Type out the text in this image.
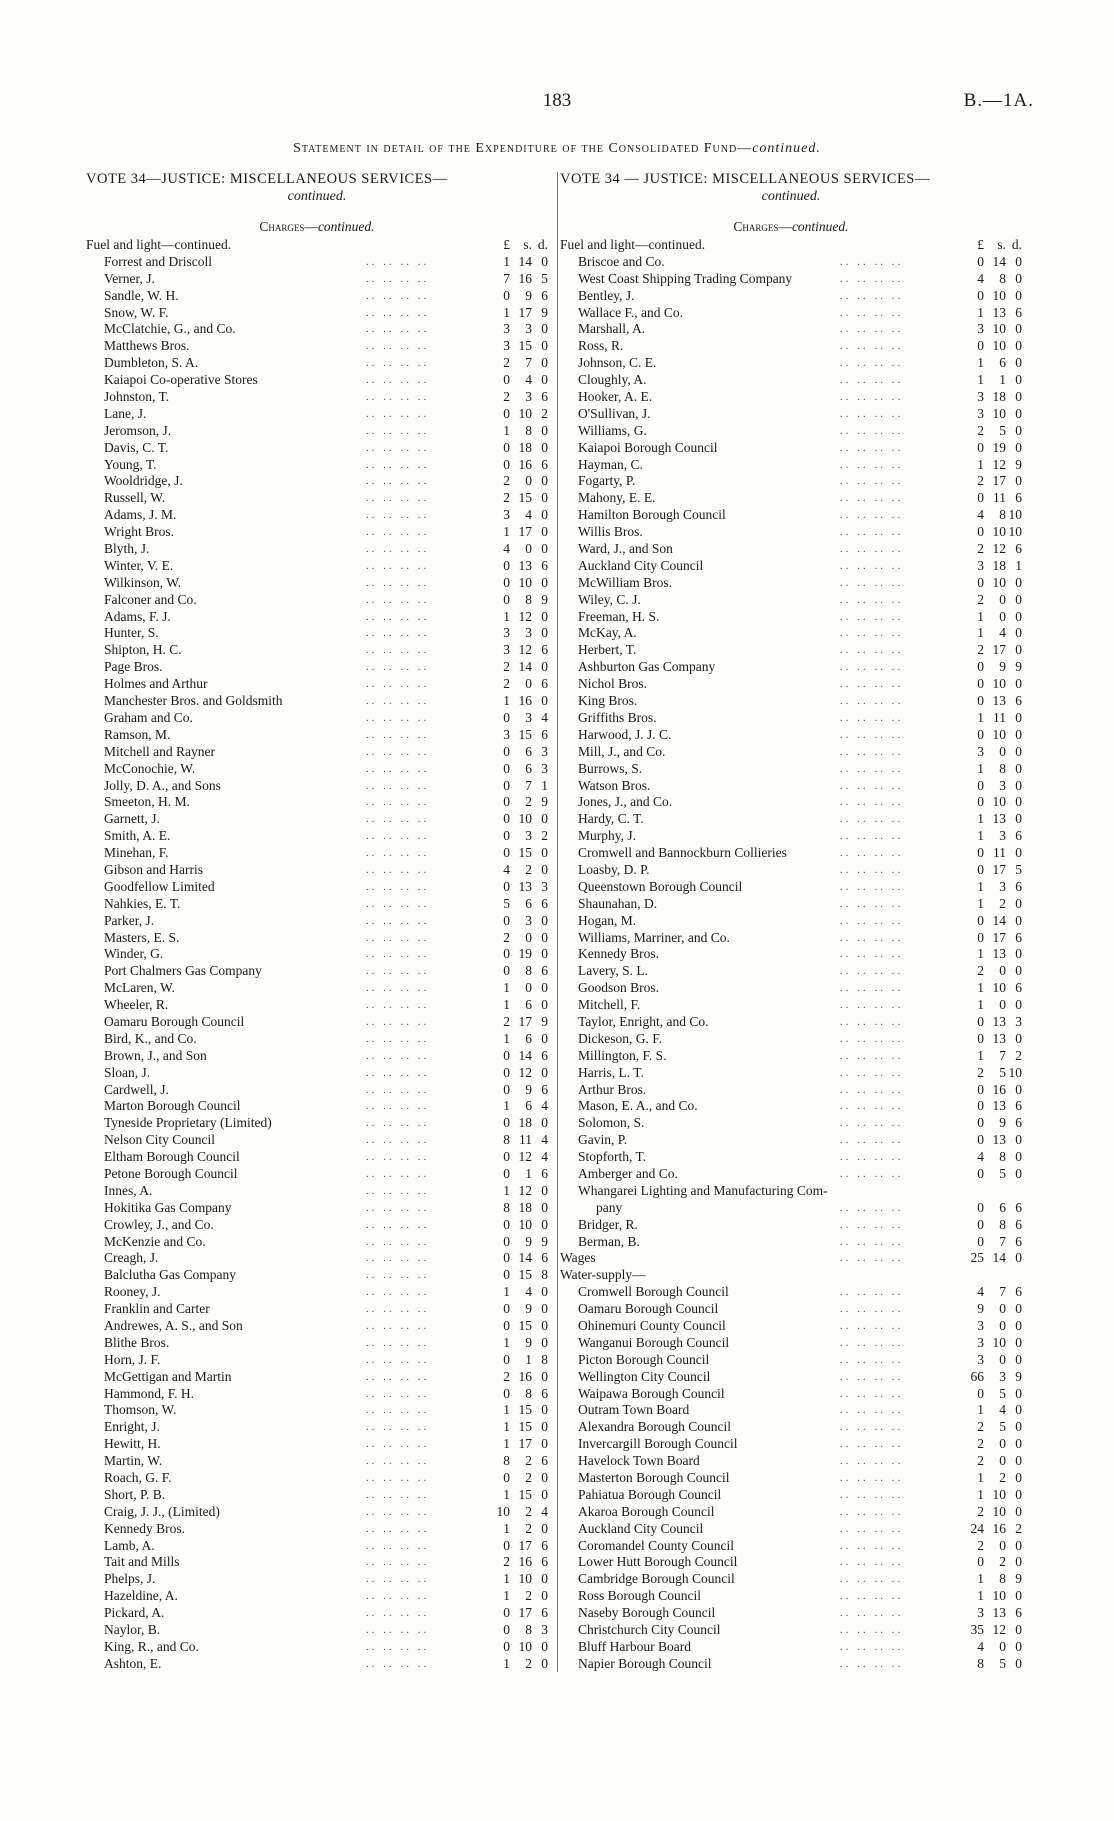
183	B.—1A.
Statement in detail of the Expenditure of the Consolidated Fund—continued.
VOTE 34—JUSTICE: MISCELLANEOUS SERVICES—
continued.
Charges—continued.
Fuel and light—continued.	£ s. d.
Forrest and Driscoll	.. .. .. ..	1 14 0
Verner, J.	.. .. .. ..	7 16 5
Sandle, W. H.	.. .. .. ..	0	9 6
Snow, W. F.	.. .. .. ..	1 17 9
McClatchie, G., and Co.	.. .. .. ..	3	3 0
Matthews Bros.	.. .. .. ..	3 15 0
Dumbleton, S. A.	.. .. .. ..	2	7 0
Kaiapoi Co-operative Stores	.. .. .. ..	0	4 0
Johnston, T.	.. .. .. ..	2	3 6
Lane, J.	.. .. .. ..	0 10 2
Jeromson, J.	.. .. .. ..	1	8 0
Davis, C. T.	.. .. .. ..	0 18 0
Young, T.	.. .. .. ..	0 16 6
Wooldridge, J.	.. .. .. ..	2	0 0
Russell, W.	.. .. .. ..	2 15 0
Adams, J. M.	.. .. .. ..	3	4 0
Wright Bros.	.. .. .. ..	1 17 0
Blyth, J.	.. .. .. ..	4	0 0
Winter, V. E.	.. .. .. ..	0 13 6
Wilkinson, W.	.. .. .. ..	0 10 0
Falconer and Co.	.. .. .. ..	0	8 9
Adams, F. J.	.. .. .. ..	1 12 0
Hunter, S.	.. .. .. ..	3	3 0
Shipton, H. C.	.. .. .. ..	3 12 6
Page Bros.	.. .. .. ..	2 14 0
Holmes and Arthur	.. .. .. ..	2	0 6
Manchester Bros. and Goldsmith	.. .. .. ..	1 16 0
Graham and Co.	.. .. .. ..	0	3 4
Ramson, M.	.. .. .. ..	3 15 6
Mitchell and Rayner	.. .. .. ..	0	6 3
McConochie, W.	.. .. .. ..	0	6 3
Jolly, D. A., and Sons	.. .. .. ..	0	7 1
Smeeton, H. M.	.. .. .. ..	0	2 9
Garnett, J.	.. .. .. ..	0 10 0
Smith, A. E.	.. .. .. ..	0	3 2
Minehan, F.	.. .. .. ..	0 15 0
Gibson and Harris	.. .. .. ..	4	2 0
Goodfellow Limited	.. .. .. ..	0 13 3
Nahkies, E. T.	.. .. .. ..	5	6 6
Parker, J.	.. .. .. ..	0	3 0
Masters, E. S.	.. .. .. ..	2	0 0
Winder, G.	.. .. .. ..	0 19 0
Port Chalmers Gas Company	.. .. .. ..	0	8 6
McLaren, W.	.. .. .. ..	1	0 0
Wheeler, R.	.. .. .. ..	1	6 0
Oamaru Borough Council	.. .. .. ..	2 17 9
Bird, K., and Co.	.. .. .. ..	1	6 0
Brown, J., and Son	.. .. .. ..	0 14 6
Sloan, J.	.. .. .. ..	0 12 0
Cardwell, J.	.. .. .. ..	0	9 6
Marton Borough Council	.. .. .. ..	1	6 4
Tyneside Proprietary (Limited)	.. .. .. ..	0 18 0
Nelson City Council	.. .. .. ..	8 11 4
Eltham Borough Council	.. .. .. ..	0 12 4
Petone Borough Council	.. .. .. ..	0	1 6
Innes, A.	.. .. .. ..	1 12 0
Hokitika Gas Company	.. .. .. ..	8 18 0
Crowley, J., and Co.	.. .. .. ..	0 10 0
McKenzie and Co.	.. .. .. ..	0	9 9
Creagh, J.	.. .. .. ..	0 14 6
Balclutha Gas Company	.. .. .. ..	0 15 8
Rooney, J.	.. .. .. ..	1	4 0
Franklin and Carter	.. .. .. ..	0	9 0
Andrewes, A. S., and Son	.. .. .. ..	0 15 0
Blithe Bros.	.. .. .. ..	1	9 0
Horn, J. F.	.. .. .. ..	0	1 8
McGettigan and Martin	.. .. .. ..	2 16 0
Hammond, F. H.	.. .. .. ..	0	8 6
Thomson, W.	.. .. .. ..	1 15 0
Enright, J.	.. .. .. ..	1 15 0
Hewitt, H.	.. .. .. ..	1 17 0
Martin, W.	.. .. .. ..	8	2 6
Roach, G. F.	.. .. .. ..	0	2 0
Short, P. B.	.. .. .. ..	1 15 0
Craig, J. J., (Limited)	.. .. .. ..	10	2 4
Kennedy Bros.	.. .. .. ..	1	2 0
Lamb, A.	.. .. .. ..	0 17 6
Tait and Mills	.. .. .. ..	2 16 6
Phelps, J.	.. .. .. ..	1 10 0
Hazeldine, A.	.. .. .. ..	1	2 0
Pickard, A.	.. .. .. ..	0 17 6
Naylor, B.	.. .. .. ..	0	8 3
King, R., and Co.	.. .. .. ..	0 10 0
Ashton, E.	.. .. .. ..	1	2 0
VOTE 34 — JUSTICE: MISCELLANEOUS SERVICES—
continued.
Charges—continued.
Fuel and light—continued.	£ s. d.
Briscoe and Co.	.. .. .. ..	0 14 0
West Coast Shipping Trading Company	.. .. .. ..	4	8 0
Bentley, J.	.. .. .. ..	0 10 0
Wallace F., and Co.	.. .. .. ..	1 13 6
Marshall, A.	.. .. .. ..	3 10 0
Ross, R.	.. .. .. ..	0 10 0
Johnson, C. E.	.. .. .. ..	1	6 0
Cloughly, A.	.. .. .. ..	1	1 0
Hooker, A. E.	.. .. .. ..	3 18 0
O'Sullivan, J.	.. .. .. ..	3 10 0
Williams, G.	.. .. .. ..	2	5 0
Kaiapoi Borough Council	.. .. .. ..	0 19 0
Hayman, C.	.. .. .. ..	1 12 9
Fogarty, P.	.. .. .. ..	2 17 0
Mahony, E. E.	.. .. .. ..	0 11 6
Hamilton Borough Council	.. .. .. ..	4	8 10
Willis Bros.	.. .. .. ..	0 10 10
Ward, J., and Son	.. .. .. ..	2 12 6
Auckland City Council	.. .. .. ..	3 18 1
McWilliam Bros.	.. .. .. ..	0 10 0
Wiley, C. J.	.. .. .. ..	2	0 0
Freeman, H. S.	.. .. .. ..	1	0 0
McKay, A.	.. .. .. ..	1	4 0
Herbert, T.	.. .. .. ..	2 17 0
Ashburton Gas Company	.. .. .. ..	0	9 9
Nichol Bros.	.. .. .. ..	0 10 0
King Bros.	.. .. .. ..	0 13 6
Griffiths Bros.	.. .. .. ..	1 11 0
Harwood, J. J. C.	.. .. .. ..	0 10 0
Mill, J., and Co.	.. .. .. ..	3	0 0
Burrows, S.	.. .. .. ..	1	8 0
Watson Bros.	.. .. .. ..	0	3 0
Jones, J., and Co.	.. .. .. ..	0 10 0
Hardy, C. T.	.. .. .. ..	1 13 0
Murphy, J.	.. .. .. ..	1	3 6
Cromwell and Bannockburn Collieries	.. .. .. ..	0 11 0
Loasby, D. P.	.. .. .. ..	0 17 5
Queenstown Borough Council	.. .. .. ..	1	3 6
Shaunahan, D.	.. .. .. ..	1	2 0
Hogan, M.	.. .. .. ..	0 14 0
Williams, Marriner, and Co.	.. .. .. ..	0 17 6
Kennedy Bros.	.. .. .. ..	1 13 0
Lavery, S. L.	.. .. .. ..	2	0 0
Goodson Bros.	.. .. .. ..	1 10 6
Mitchell, F.	.. .. .. ..	1	0 0
Taylor, Enright, and Co.	.. .. .. ..	0 13 3
Dickeson, G. F.	.. .. .. ..	0 13 0
Millington, F. S.	.. .. .. ..	1	7 2
Harris, L. T.	.. .. .. ..	2	5 10
Arthur Bros.	.. .. .. ..	0 16 0
Mason, E. A., and Co.	.. .. .. ..	0 13 6
Solomon, S.	.. .. .. ..	0	9 6
Gavin, P.	.. .. .. ..	0 13 0
Stopforth, T.	.. .. .. ..	4	8 0
Amberger and Co.	.. .. .. ..	0	5 0
Whangarei Lighting and Manufacturing Com-
pany	.. .. .. ..	0	6 6
Bridger, R.	.. .. .. ..	0	8 6
Berman, B.	.. .. .. ..	0	7 6
Wages	.. .. .. ..	25 14 0
Water-supply—
Cromwell Borough Council	.. .. .. ..	4	7 6
Oamaru Borough Council	.. .. .. ..	9	0 0
Ohinemuri County Council	.. .. .. ..	3	0 0
Wanganui Borough Council	.. .. .. ..	3 10 0
Picton Borough Council	.. .. .. ..	3	0 0
Wellington City Council	.. .. .. ..	66	3 9
Waipawa Borough Council	.. .. .. ..	0	5 0
Outram Town Board	.. .. .. ..	1	4 0
Alexandra Borough Council	.. .. .. ..	2	5 0
Invercargill Borough Council	.. .. .. ..	2	0 0
Havelock Town Board	.. .. .. ..	2	0 0
Masterton Borough Council	.. .. .. ..	1	2 0
Pahiatua Borough Council	.. .. .. ..	1 10 0
Akaroa Borough Council	.. .. .. ..	2 10 0
Auckland City Council	.. .. .. ..	24 16 2
Coromandel County Council	.. .. .. ..	2	0 0
Lower Hutt Borough Council	.. .. .. ..	0	2 0
Cambridge Borough Council	.. .. .. ..	1	8 9
Ross Borough Council	.. .. .. ..	1 10 0
Naseby Borough Council	.. .. .. ..	3 13 6
Christchurch City Council	.. .. .. ..	35 12 0
Bluff Harbour Board	.. .. .. ..	4	0 0
Napier Borough Council	.. .. .. ..	8	5 0
